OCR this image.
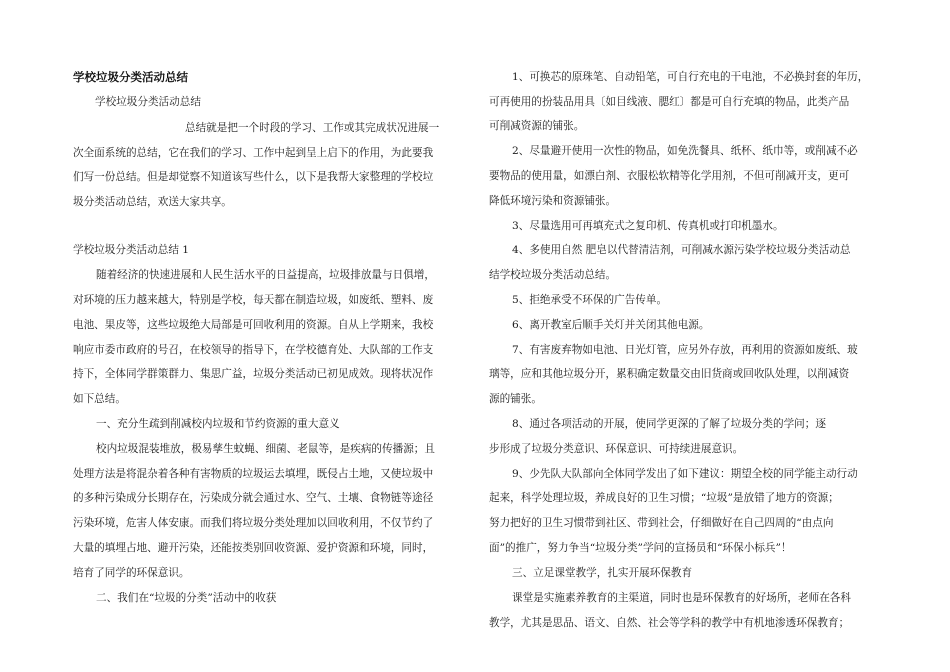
学校垃圾分类活动总结
学校垃圾分类活动总结
总结就是把一个时段的学习、工作或其完成状况进展一
次全面系统的总结，它在我们的学习、工作中起到呈上启下的作用，为此要我
们写一份总结。但是却觉察不知道该写些什么，以下是我帮大家整理的学校垃
圾分类活动总结，欢送大家共享。
学校垃圾分类活动总结 1
随着经济的快速进展和人民生活水平的日益提高，垃圾排放量与日俱增，
对环境的压力越来越大，特别是学校，每天都在制造垃圾，如废纸、塑料、废
电池、果皮等，这些垃圾绝大局部是可回收利用的资源。自从上学期来，我校
响应市委市政府的号召，在校领导的指导下，在学校德育处、大队部的工作支
持下，全体同学群策群力、集思广益，垃圾分类活动已初见成效。现将状况作
如下总结。
一、充分生疏到削减校内垃圾和节约资源的重大意义
校内垃圾混装堆放，极易孳生蚊蝇、细菌、老鼠等，是疾病的传播源；且
处理方法是将混杂着各种有害物质的垃圾运去填埋，既侵占土地，又使垃圾中
的多种污染成分长期存在，污染成分就会通过水、空气、土壤、食物链等途径
污染环境，危害人体安康。而我们将垃圾分类处理加以回收利用，不仅节约了
大量的填埋占地、避开污染，还能按类别回收资源、爱护资源和环境，同时，
培育了同学的环保意识。
二、我们在“垃圾的分类”活动中的收获
1、可换芯的原珠笔、自动铅笔，可自行充电的干电池，不必换封套的年历，
可再使用的扮装品用具〔如目线液、腮红〕都是可自行充填的物品，此类产品
可削减资源的铺张。
2、尽量避开使用一次性的物品，如免洗餐具、纸杯、纸巾等，或削减不必
要物品的使用量，如漂白剂、衣服松软精等化学用剂，不但可削减开支，更可
降低环境污染和资源铺张。
3、尽量选用可再填充式之复印机、传真机或打印机墨水。
4、多使用自然 肥皂以代替清洁剂，可削减水源污染学校垃圾分类活动总
结学校垃圾分类活动总结。
5、拒绝承受不环保的广告传单。
6、离开教室后顺手关灯并关闭其他电源。
7、有害废弃物如电池、日光灯管，应另外存放，再利用的资源如废纸、玻
璃等，应和其他垃圾分开，累积确定数量交由旧货商或回收队处理，以削减资
源的铺张。
8、通过各项活动的开展，使同学更深的了解了垃圾分类的学问；逐
步形成了垃圾分类意识、环保意识、可持续进展意识。
9、少先队大队部向全体同学发出了如下建议：期望全校的同学能主动行动
起来，科学处理垃圾，养成良好的卫生习惯；“垃圾”是放错了地方的资源；
努力把好的卫生习惯带到社区、带到社会，仔细做好在自己四周的“由点向
面”的推广，努力争当“垃圾分类”学问的宣扬员和“环保小标兵”！
三、立足课堂教学，扎实开展环保教育
课堂是实施素养教育的主渠道，同时也是环保教育的好场所，老师在各科
教学，尤其是思品、语文、自然、社会等学科的教学中有机地渗透环保教育；
